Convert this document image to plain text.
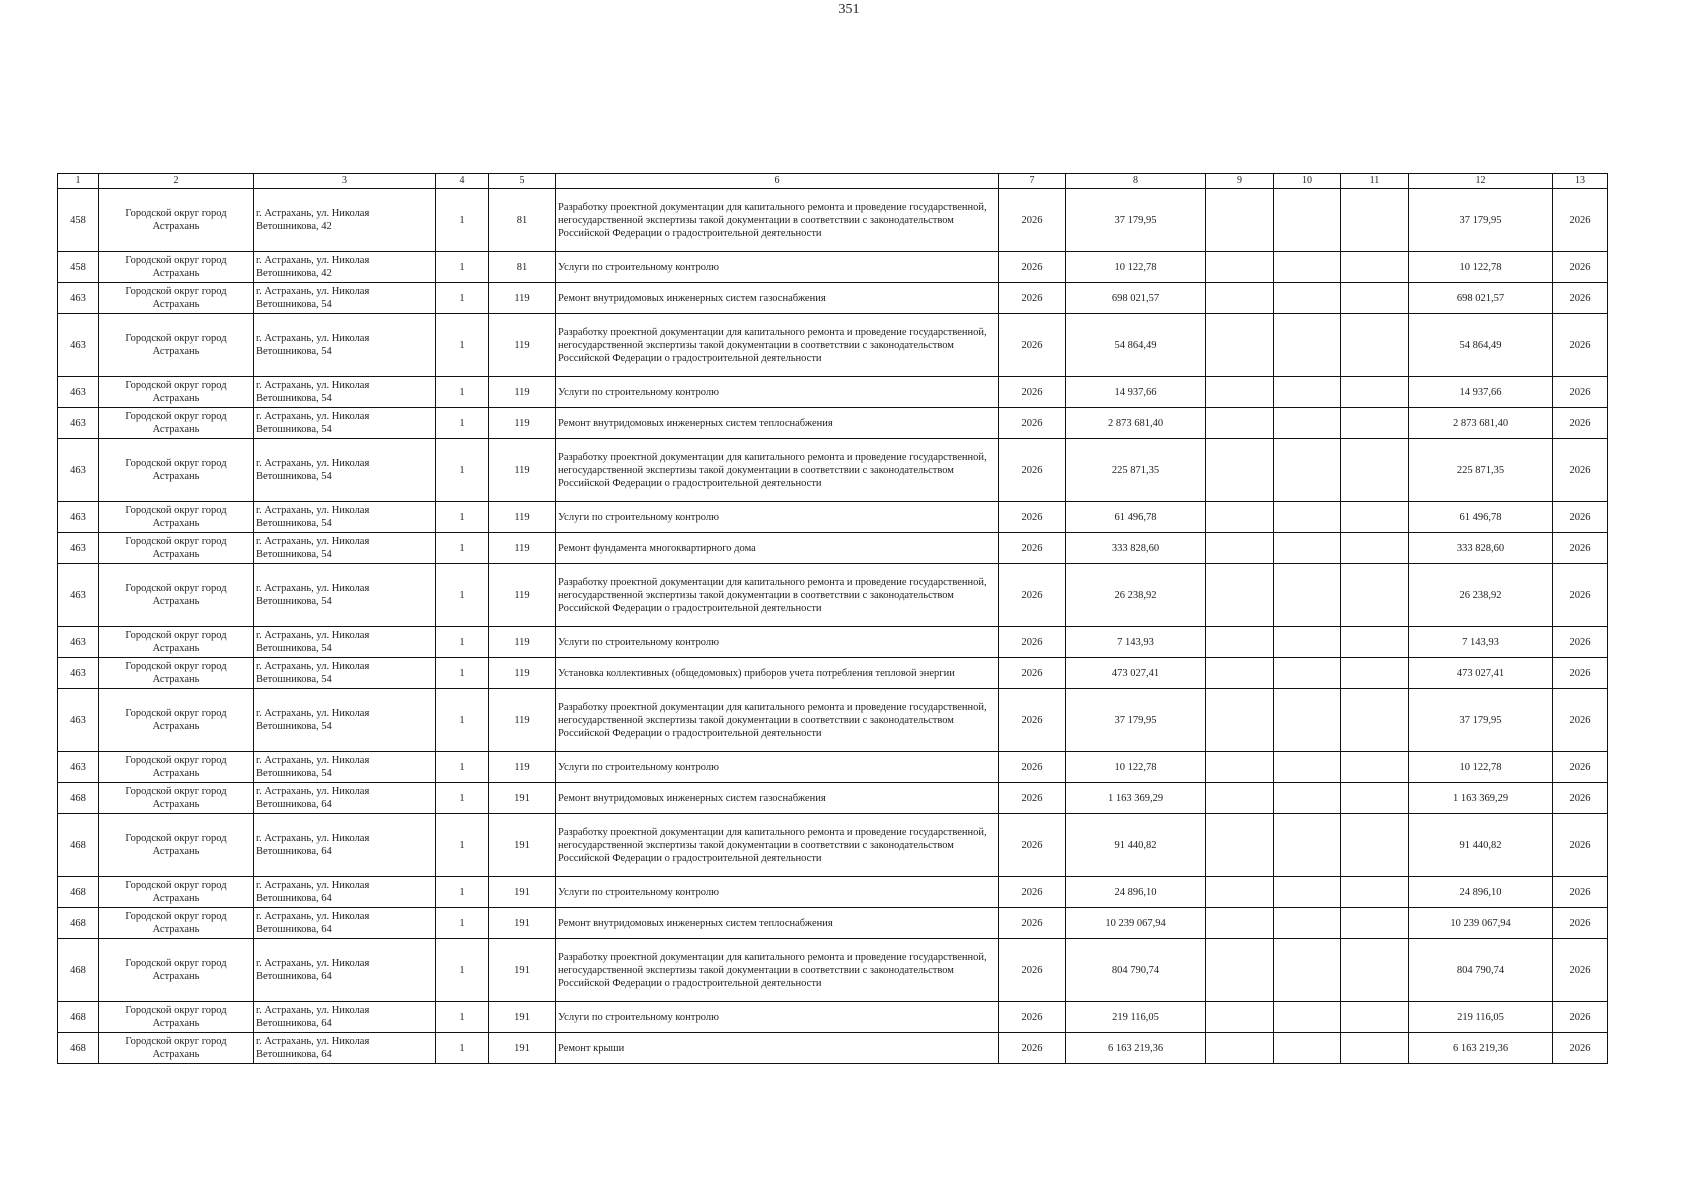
351
1	2	3	4	5	6	7	8	9	10	11	12	13
458	Городской округ город Астрахань	г. Астрахань, ул. Николая Ветошникова, 42	1	81	Разработку проектной документации для капитального ремонта и проведение государственной, негосударственной экспертизы такой документации в соответствии с законодательством Российской Федерации о градостроительной деятельности	2026	37 179,95				37 179,95	2026
458	Городской округ город Астрахань	г. Астрахань, ул. Николая Ветошникова, 42	1	81	Услуги по строительному контролю	2026	10 122,78				10 122,78	2026
463	Городской округ город Астрахань	г. Астрахань, ул. Николая Ветошникова, 54	1	119	Ремонт внутридомовых инженерных систем газоснабжения	2026	698 021,57				698 021,57	2026
463	Городской округ город Астрахань	г. Астрахань, ул. Николая Ветошникова, 54	1	119	Разработку проектной документации для капитального ремонта и проведение государственной, негосударственной экспертизы такой документации в соответствии с законодательством Российской Федерации о градостроительной деятельности	2026	54 864,49				54 864,49	2026
463	Городской округ город Астрахань	г. Астрахань, ул. Николая Ветошникова, 54	1	119	Услуги по строительному контролю	2026	14 937,66				14 937,66	2026
463	Городской округ город Астрахань	г. Астрахань, ул. Николая Ветошникова, 54	1	119	Ремонт внутридомовых инженерных систем теплоснабжения	2026	2 873 681,40				2 873 681,40	2026
463	Городской округ город Астрахань	г. Астрахань, ул. Николая Ветошникова, 54	1	119	Разработку проектной документации для капитального ремонта и проведение государственной, негосударственной экспертизы такой документации в соответствии с законодательством Российской Федерации о градостроительной деятельности	2026	225 871,35				225 871,35	2026
463	Городской округ город Астрахань	г. Астрахань, ул. Николая Ветошникова, 54	1	119	Услуги по строительному контролю	2026	61 496,78				61 496,78	2026
463	Городской округ город Астрахань	г. Астрахань, ул. Николая Ветошникова, 54	1	119	Ремонт фундамента многоквартирного дома	2026	333 828,60				333 828,60	2026
463	Городской округ город Астрахань	г. Астрахань, ул. Николая Ветошникова, 54	1	119	Разработку проектной документации для капитального ремонта и проведение государственной, негосударственной экспертизы такой документации в соответствии с законодательством Российской Федерации о градостроительной деятельности	2026	26 238,92				26 238,92	2026
463	Городской округ город Астрахань	г. Астрахань, ул. Николая Ветошникова, 54	1	119	Услуги по строительному контролю	2026	7 143,93				7 143,93	2026
463	Городской округ город Астрахань	г. Астрахань, ул. Николая Ветошникова, 54	1	119	Установка коллективных (общедомовых) приборов учета потребления тепловой энергии	2026	473 027,41				473 027,41	2026
463	Городской округ город Астрахань	г. Астрахань, ул. Николая Ветошникова, 54	1	119	Разработку проектной документации для капитального ремонта и проведение государственной, негосударственной экспертизы такой документации в соответствии с законодательством Российской Федерации о градостроительной деятельности	2026	37 179,95				37 179,95	2026
463	Городской округ город Астрахань	г. Астрахань, ул. Николая Ветошникова, 54	1	119	Услуги по строительному контролю	2026	10 122,78				10 122,78	2026
468	Городской округ город Астрахань	г. Астрахань, ул. Николая Ветошникова, 64	1	191	Ремонт внутридомовых инженерных систем газоснабжения	2026	1 163 369,29				1 163 369,29	2026
468	Городской округ город Астрахань	г. Астрахань, ул. Николая Ветошникова, 64	1	191	Разработку проектной документации для капитального ремонта и проведение государственной, негосударственной экспертизы такой документации в соответствии с законодательством Российской Федерации о градостроительной деятельности	2026	91 440,82				91 440,82	2026
468	Городской округ город Астрахань	г. Астрахань, ул. Николая Ветошникова, 64	1	191	Услуги по строительному контролю	2026	24 896,10				24 896,10	2026
468	Городской округ город Астрахань	г. Астрахань, ул. Николая Ветошникова, 64	1	191	Ремонт внутридомовых инженерных систем теплоснабжения	2026	10 239 067,94				10 239 067,94	2026
468	Городской округ город Астрахань	г. Астрахань, ул. Николая Ветошникова, 64	1	191	Разработку проектной документации для капитального ремонта и проведение государственной, негосударственной экспертизы такой документации в соответствии с законодательством Российской Федерации о градостроительной деятельности	2026	804 790,74				804 790,74	2026
468	Городской округ город Астрахань	г. Астрахань, ул. Николая Ветошникова, 64	1	191	Услуги по строительному контролю	2026	219 116,05				219 116,05	2026
468	Городской округ город Астрахань	г. Астрахань, ул. Николая Ветошникова, 64	1	191	Ремонт крыши	2026	6 163 219,36				6 163 219,36	2026
